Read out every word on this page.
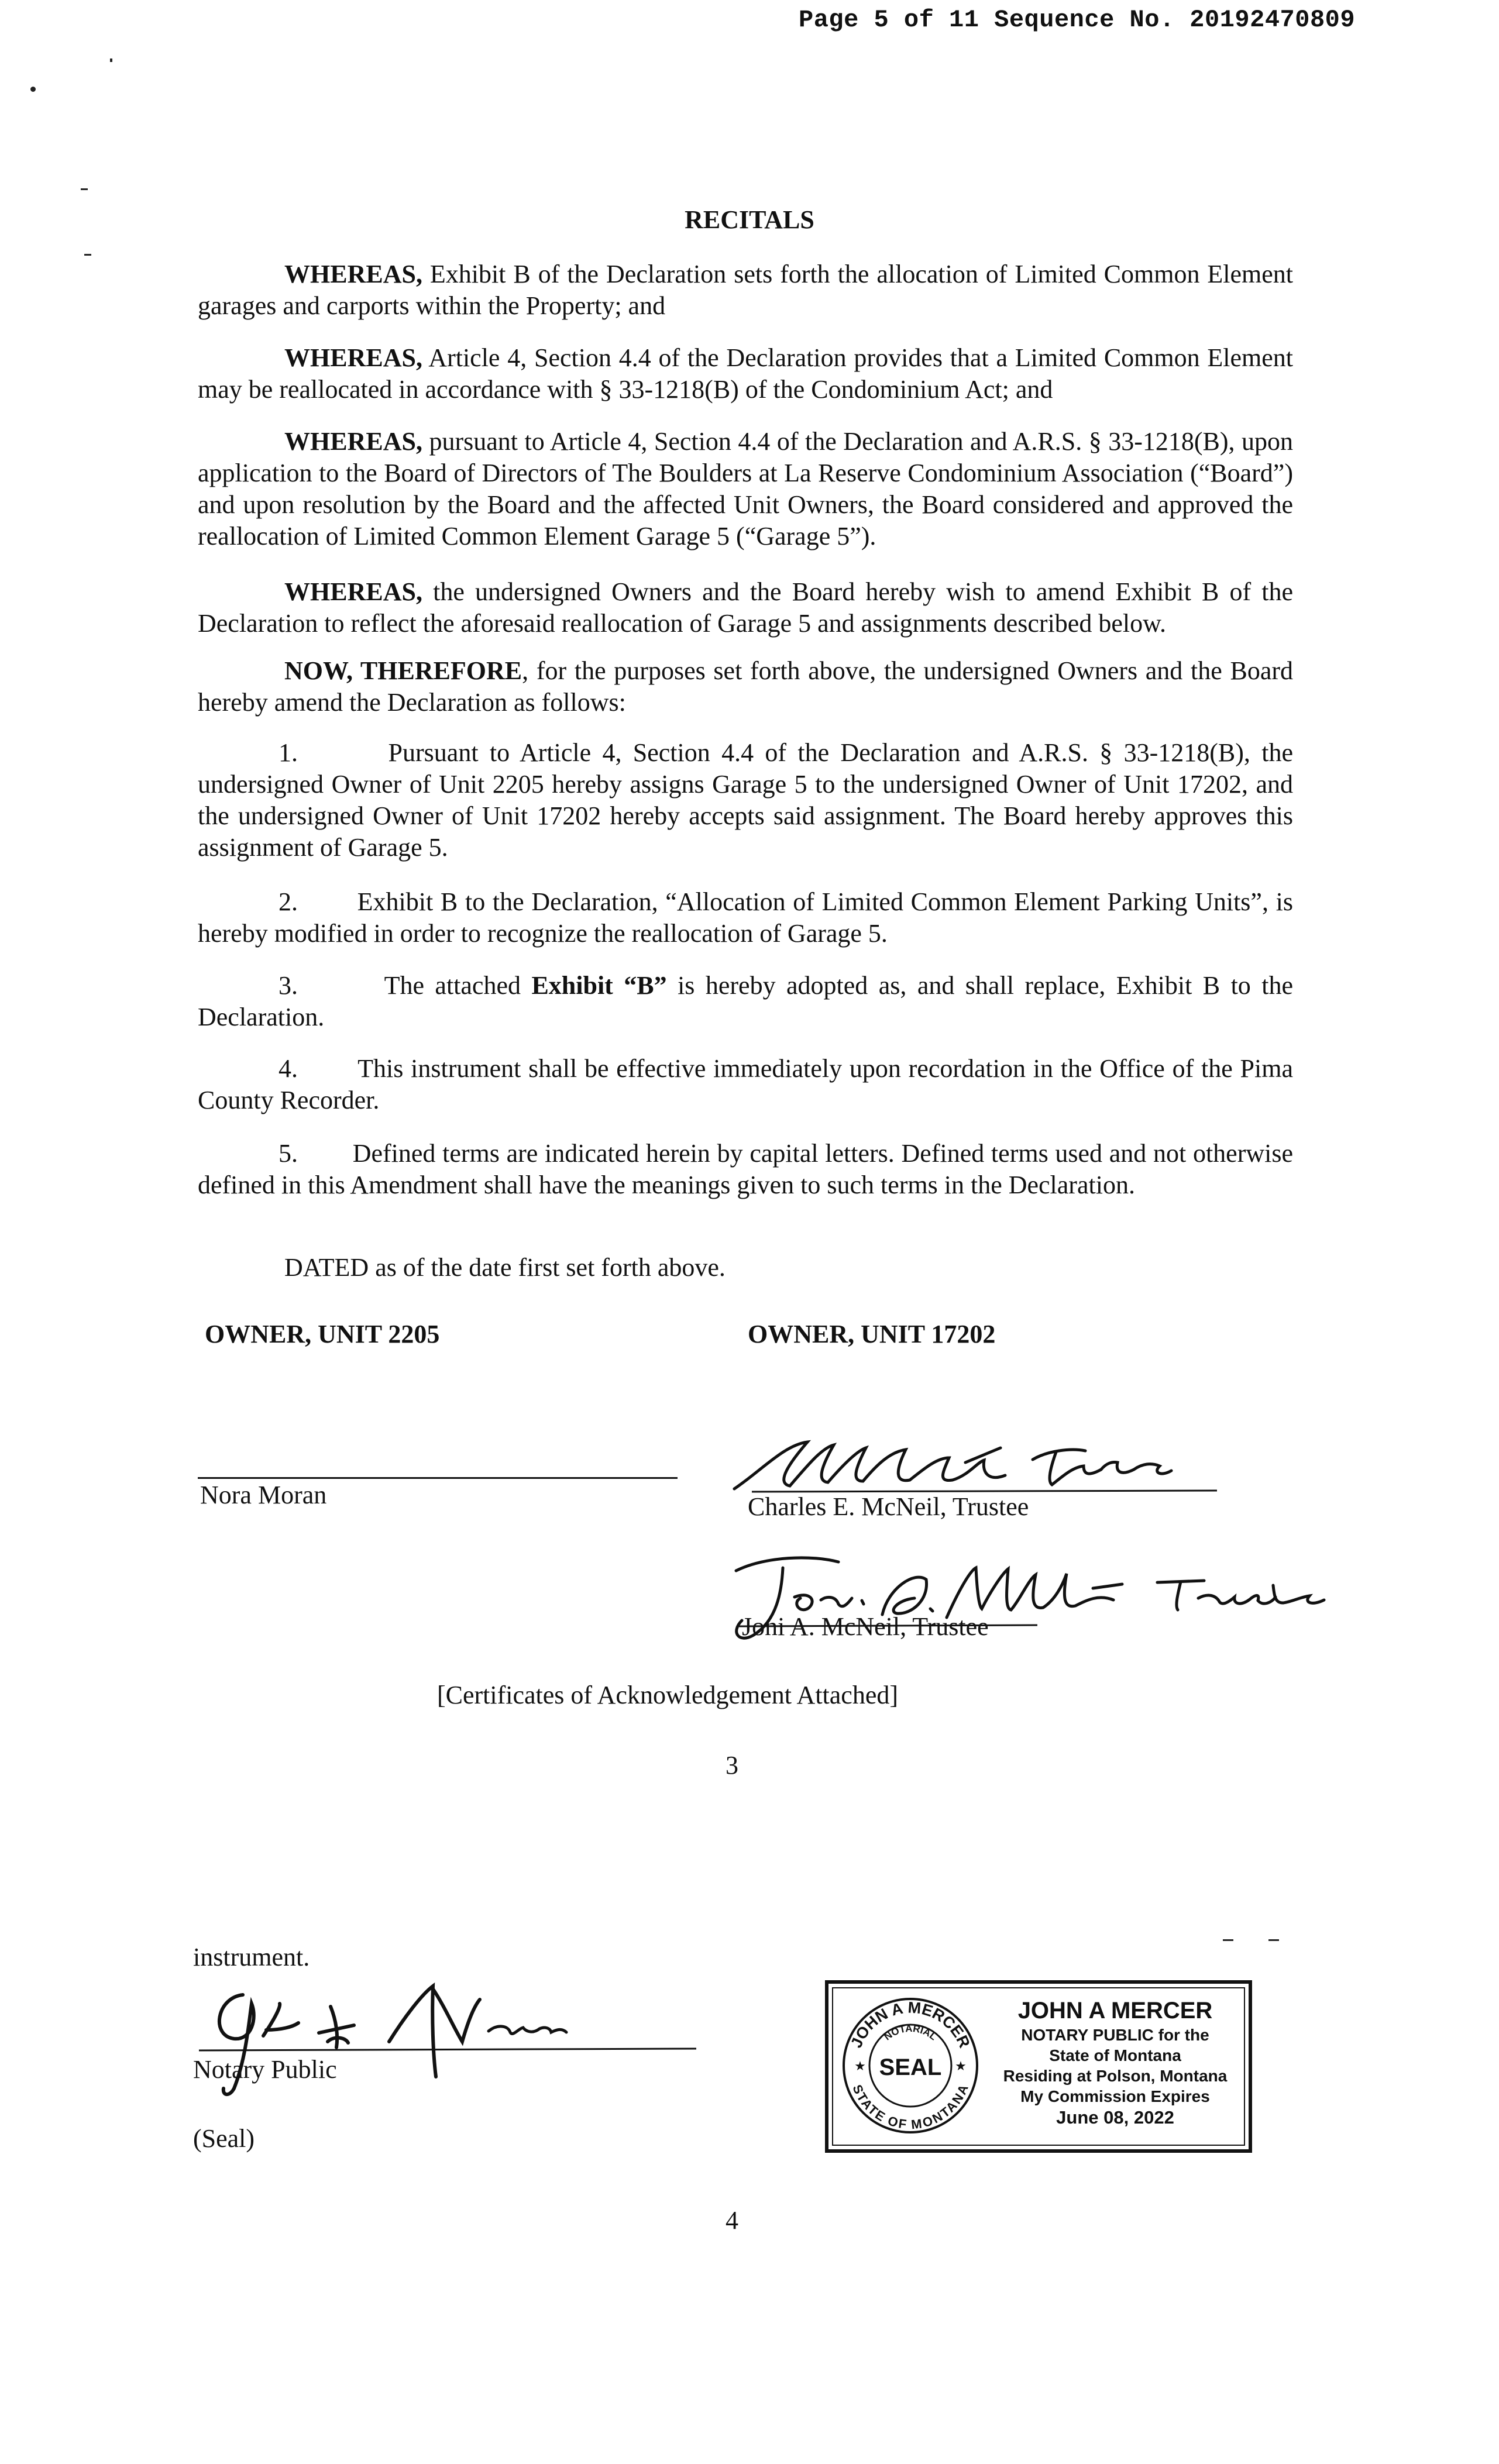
Page 5 of 11 Sequence No. 20192470809
RECITALS

WHEREAS, Exhibit B of the Declaration sets forth the allocation of Limited Common Element garages and carports within the Property; and

WHEREAS, Article 4, Section 4.4 of the Declaration provides that a Limited Common Element may be reallocated in accordance with § 33-1218(B) of the Condominium Act; and

WHEREAS, pursuant to Article 4, Section 4.4 of the Declaration and A.R.S. § 33-1218(B), upon application to the Board of Directors of The Boulders at La Reserve Condominium Association (“Board”) and upon resolution by the Board and the affected Unit Owners, the Board considered and approved the reallocation of Limited Common Element Garage 5 (“Garage 5”).

WHEREAS, the undersigned Owners and the Board hereby wish to amend Exhibit B of the Declaration to reflect the aforesaid reallocation of Garage 5 and assignments described below.

NOW, THEREFORE, for the purposes set forth above, the undersigned Owners and the Board hereby amend the Declaration as follows:

1.	Pursuant to Article 4, Section 4.4 of the Declaration and A.R.S. § 33-1218(B), the undersigned Owner of Unit 2205 hereby assigns Garage 5 to the undersigned Owner of Unit 17202, and the undersigned Owner of Unit 17202 hereby accepts said assignment. The Board hereby approves this assignment of Garage 5.

2. Exhibit B to the Declaration, “Allocation of Limited Common Element Parking Units”, is hereby modified in order to recognize the reallocation of Garage 5.

3.	The attached Exhibit “B” is hereby adopted as, and shall replace, Exhibit B to the Declaration.

4. This instrument shall be effective immediately upon recordation in the Office of the Pima County Recorder.

5. Defined terms are indicated herein by capital letters. Defined terms used and not otherwise defined in this Amendment shall have the meanings given to such terms in the Declaration.

DATED as of the date first set forth above.

OWNER, UNIT 2205	OWNER, UNIT 17202
Nora Moran	Charles E. McNeil, Trustee
Joni A. McNeil, Trustee
[Certificates of Acknowledgement Attached]
3
instrument.
Notary Public
(Seal)
JOHN A MERCER
STATE OF MONTANA
NOTARIAL
SEAL
★	★
JOHN A MERCER
NOTARY PUBLIC for the
State of Montana
Residing at Polson, Montana
My Commission Expires
June 08, 2022
4
